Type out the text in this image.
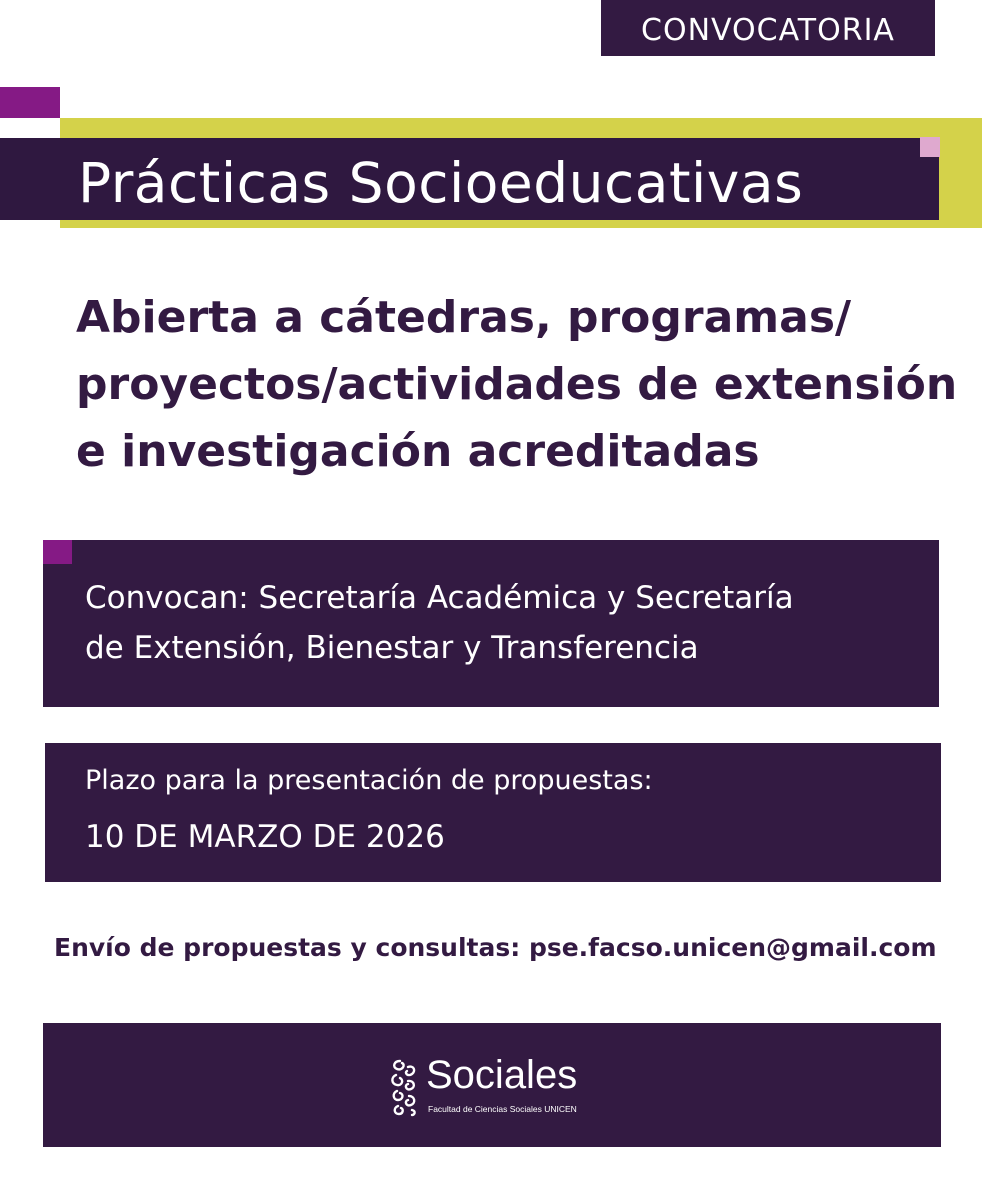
CONVOCATORIA
Prácticas Socioeducativas
Abierta a cátedras, programas/
proyectos/actividades de extensión
e investigación acreditadas
Convocan: Secretaría Académica y Secretaría
de Extensión, Bienestar y Transferencia
Plazo para la presentación de propuestas:
10 DE MARZO DE 2026
Envío de propuestas y consultas: pse.facso.unicen@gmail.com
Sociales
Facultad de Ciencias Sociales UNICEN
